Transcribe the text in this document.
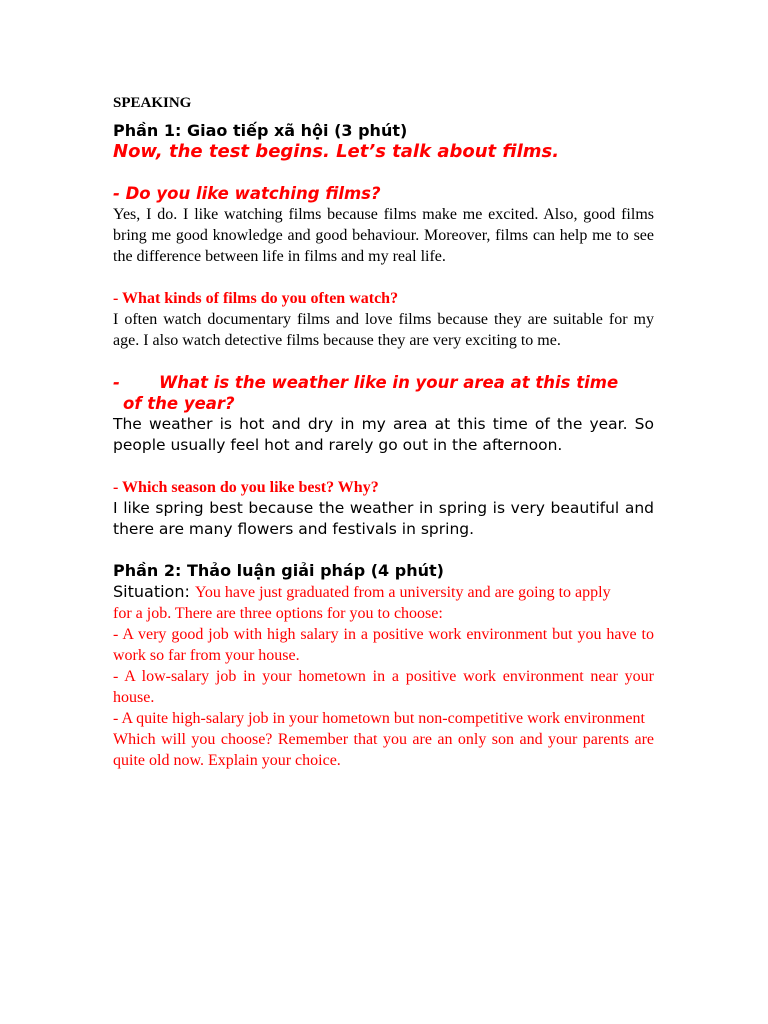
SPEAKING

Phần 1: Giao tiếp xã hội (3 phút)

Now, the test begins. Let’s talk about films.

- Do you like watching films?

Yes, I do. I like watching films because films make me excited. Also, good films bring me good knowledge and good behaviour. Moreover, films can help me to see the difference between life in films and my real life.

- What kinds of films do you often watch?

I often watch documentary films and love films because they are suitable for my age. I also watch detective films because they are very exciting to me.

- What is the weather like in your area at this time
of the year?

The weather is hot and dry in my area at this time of the year. So people usually feel hot and rarely go out in the afternoon.

- Which season do you like best? Why?

I like spring best because the weather in spring is very beautiful and there are many flowers and festivals in spring.

Phần 2: Thảo luận giải pháp (4 phút)

Situation: You have just graduated from a university and are going to apply

for a job. There are three options for you to choose:

- A very good job with high salary in a positive work environment but you have to work so far from your house.

- A low-salary job in your hometown in a positive work environment near your house.

- A quite high-salary job in your hometown but non-competitive work environment

Which will you choose? Remember that you are an only son and your parents are quite old now. Explain your choice.
